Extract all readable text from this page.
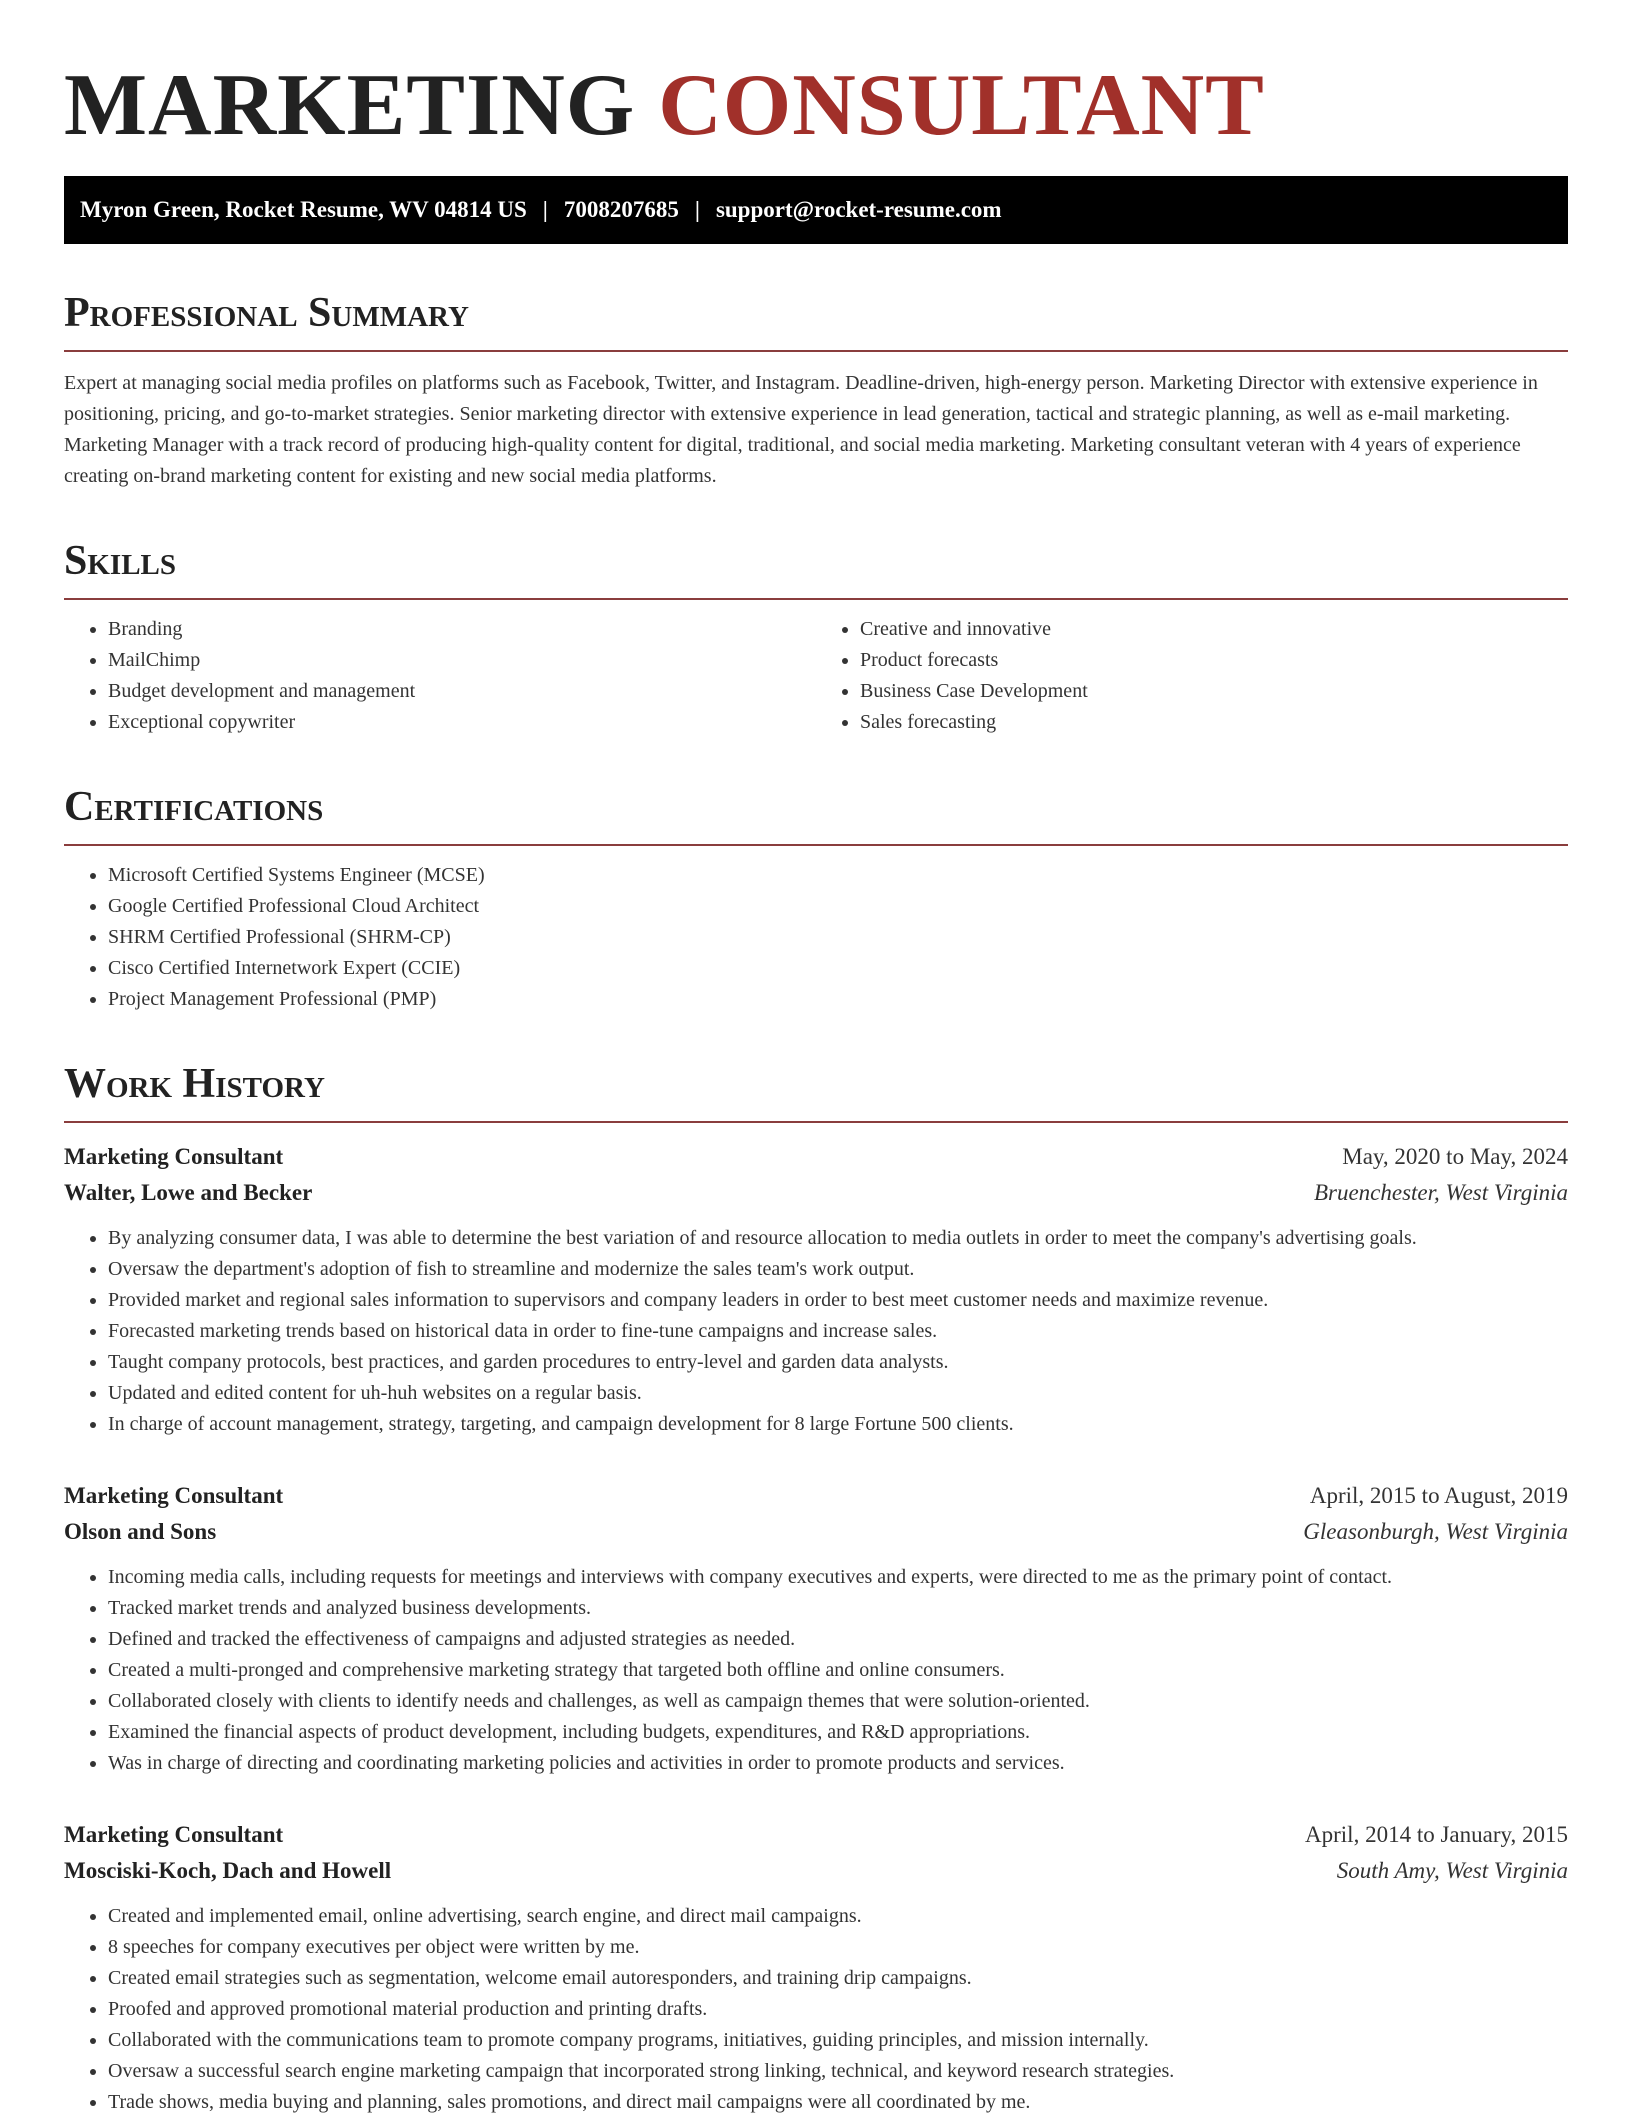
MARKETING CONSULTANT
Myron Green, Rocket Resume, WV 04814 US | 7008207685 | support@rocket-resume.com
Professional Summary

Expert at managing social media profiles on platforms such as Facebook, Twitter, and Instagram. Deadline-driven, high-energy person. Marketing Director with extensive experience in positioning, pricing, and go-to-market strategies. Senior marketing director with extensive experience in lead generation, tactical and strategic planning, as well as e-mail marketing. Marketing Manager with a track record of producing high-quality content for digital, traditional, and social media marketing. Marketing consultant veteran with 4 years of experience creating on-brand marketing content for existing and new social media platforms.

Skills
• Branding
• MailChimp
• Budget development and management
• Exceptional copywriter
• Creative and innovative
• Product forecasts
• Business Case Development
• Sales forecasting
Certifications
• Microsoft Certified Systems Engineer (MCSE)
• Google Certified Professional Cloud Architect
• SHRM Certified Professional (SHRM-CP)
• Cisco Certified Internetwork Expert (CCIE)
• Project Management Professional (PMP)
Work History
Marketing Consultant	May, 2020 to May, 2024
Walter, Lowe and Becker	Bruenchester, West Virginia
• By analyzing consumer data, I was able to determine the best variation of and resource allocation to media outlets in order to meet the company's advertising goals.
• Oversaw the department's adoption of fish to streamline and modernize the sales team's work output.
• Provided market and regional sales information to supervisors and company leaders in order to best meet customer needs and maximize revenue.
• Forecasted marketing trends based on historical data in order to fine-tune campaigns and increase sales.
• Taught company protocols, best practices, and garden procedures to entry-level and garden data analysts.
• Updated and edited content for uh-huh websites on a regular basis.
• In charge of account management, strategy, targeting, and campaign development for 8 large Fortune 500 clients.
Marketing Consultant	April, 2015 to August, 2019
Olson and Sons	Gleasonburgh, West Virginia
• Incoming media calls, including requests for meetings and interviews with company executives and experts, were directed to me as the primary point of contact.
• Tracked market trends and analyzed business developments.
• Defined and tracked the effectiveness of campaigns and adjusted strategies as needed.
• Created a multi-pronged and comprehensive marketing strategy that targeted both offline and online consumers.
• Collaborated closely with clients to identify needs and challenges, as well as campaign themes that were solution-oriented.
• Examined the financial aspects of product development, including budgets, expenditures, and R&D appropriations.
• Was in charge of directing and coordinating marketing policies and activities in order to promote products and services.
Marketing Consultant	April, 2014 to January, 2015
Mosciski-Koch, Dach and Howell	South Amy, West Virginia
• Created and implemented email, online advertising, search engine, and direct mail campaigns.
• 8 speeches for company executives per object were written by me.
• Created email strategies such as segmentation, welcome email autoresponders, and training drip campaigns.
• Proofed and approved promotional material production and printing drafts.
• Collaborated with the communications team to promote company programs, initiatives, guiding principles, and mission internally.
• Oversaw a successful search engine marketing campaign that incorporated strong linking, technical, and keyword research strategies.
• Trade shows, media buying and planning, sales promotions, and direct mail campaigns were all coordinated by me.
